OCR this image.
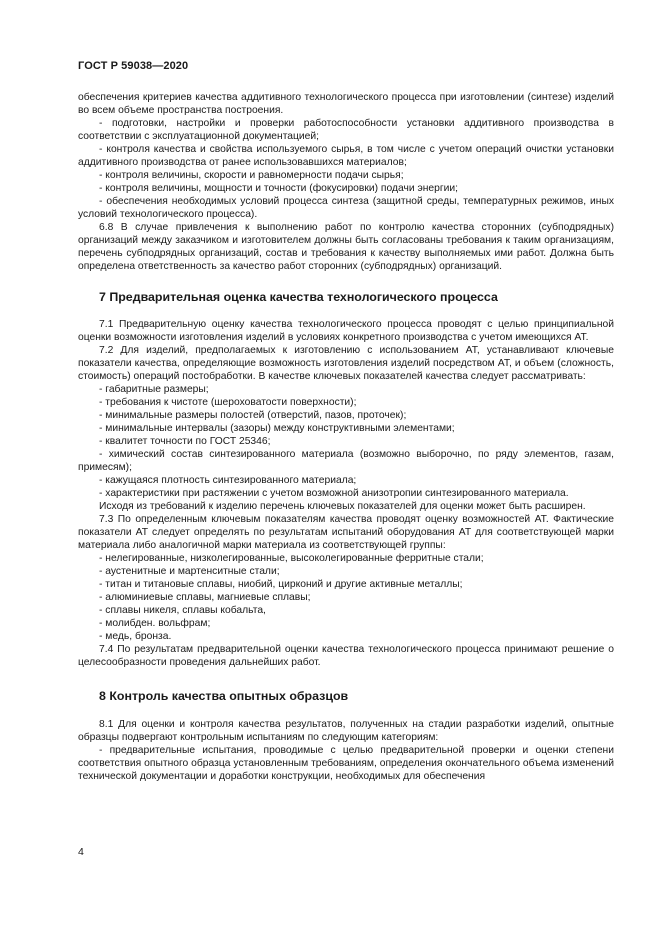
ГОСТ Р 59038—2020
обеспечения критериев качества аддитивного технологического процесса при изготовлении (синтезе) изделий во всем объеме пространства построения.
- подготовки, настройки и проверки работоспособности установки аддитивного производства в соответствии с эксплуатационной документацией;
- контроля качества и свойства используемого сырья, в том числе с учетом операций очистки установки аддитивного производства от ранее использовавшихся материалов;
- контроля величины, скорости и равномерности подачи сырья;
- контроля величины, мощности и точности (фокусировки) подачи энергии;
- обеспечения необходимых условий процесса синтеза (защитной среды, температурных режимов, иных условий технологического процесса).
6.8 В случае привлечения к выполнению работ по контролю качества сторонних (субподрядных) организаций между заказчиком и изготовителем должны быть согласованы требования к таким организациям, перечень субподрядных организаций, состав и требования к качеству выполняемых ими работ. Должна быть определена ответственность за качество работ сторонних (субподрядных) организаций.
7 Предварительная оценка качества технологического процесса
7.1 Предварительную оценку качества технологического процесса проводят с целью принципиальной оценки возможности изготовления изделий в условиях конкретного производства с учетом имеющихся АТ.
7.2 Для изделий, предполагаемых к изготовлению с использованием АТ, устанавливают ключевые показатели качества, определяющие возможность изготовления изделий посредством АТ, и объем (сложность, стоимость) операций постобработки. В качестве ключевых показателей качества следует рассматривать:
- габаритные размеры;
- требования к чистоте (шероховатости поверхности);
- минимальные размеры полостей (отверстий, пазов, проточек);
- минимальные интервалы (зазоры) между конструктивными элементами;
- квалитет точности по ГОСТ 25346;
- химический состав синтезированного материала (возможно выборочно, по ряду элементов, газам, примесям);
- кажущаяся плотность синтезированного материала;
- характеристики при растяжении с учетом возможной анизотропии синтезированного материала.
Исходя из требований к изделию перечень ключевых показателей для оценки может быть расширен.
7.3 По определенным ключевым показателям качества проводят оценку возможностей АТ. Фактические показатели АТ следует определять по результатам испытаний оборудования АТ для соответствующей марки материала либо аналогичной марки материала из соответствующей группы:
- нелегированные, низколегированные, высоколегированные ферритные стали;
- аустенитные и мартенситные стали;
- титан и титановые сплавы, ниобий, цирконий и другие активные металлы;
- алюминиевые сплавы, магниевые сплавы;
- сплавы никеля, сплавы кобальта,
- молибден. вольфрам;
- медь, бронза.
7.4 По результатам предварительной оценки качества технологического процесса принимают решение о целесообразности проведения дальнейших работ.
8 Контроль качества опытных образцов
8.1 Для оценки и контроля качества результатов, полученных на стадии разработки изделий, опытные образцы подвергают контрольным испытаниям по следующим категориям:
- предварительные испытания, проводимые с целью предварительной проверки и оценки степени соответствия опытного образца установленным требованиям, определения окончательного объема изменений технической документации и доработки конструкции, необходимых для обеспечения
4
